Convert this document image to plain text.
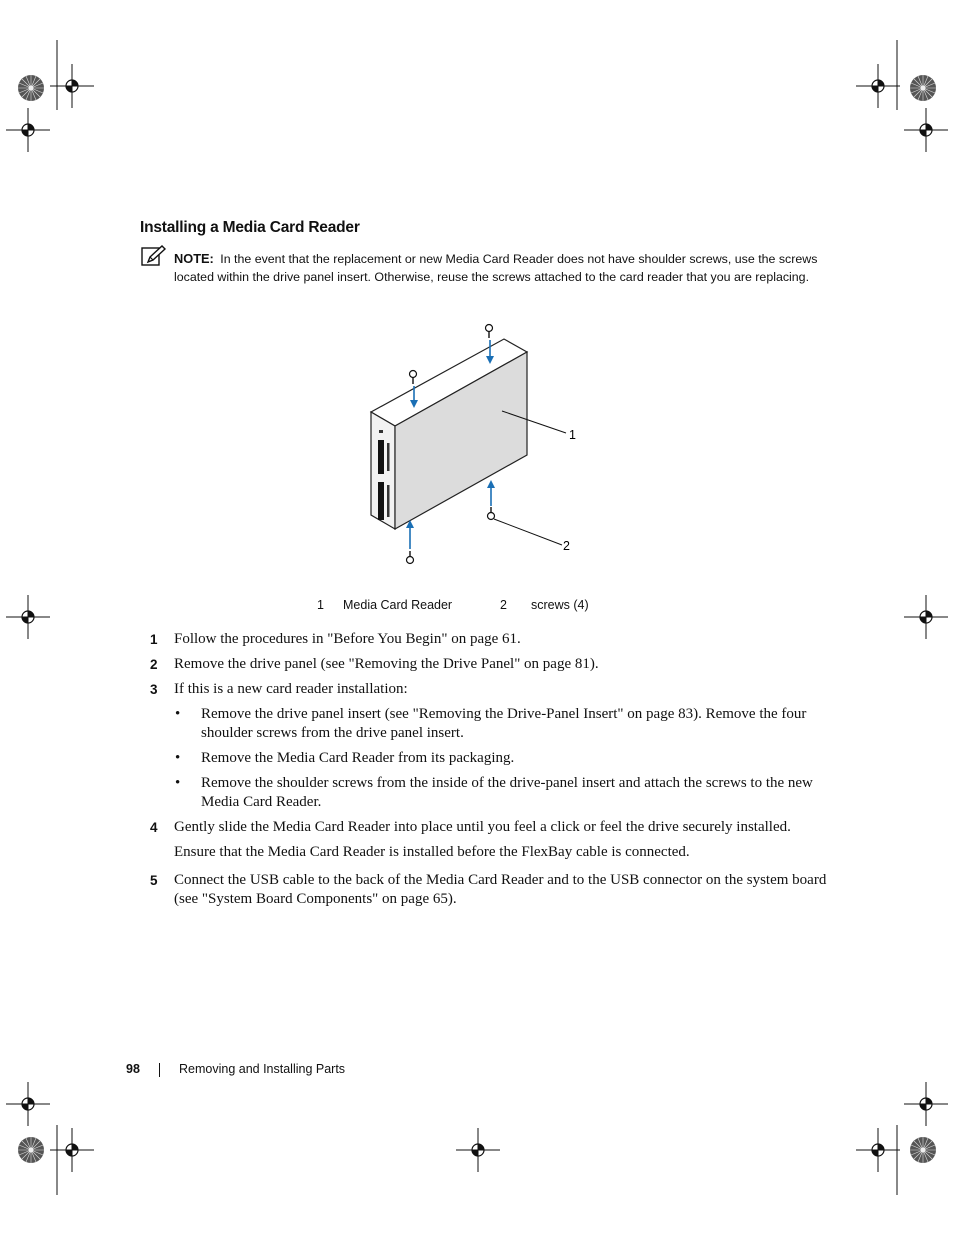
Installing a Media Card Reader
NOTE: In the event that the replacement or new Media Card Reader does not have shoulder screws, use the screws located within the drive panel insert. Otherwise, reuse the screws attached to the card reader that you are replacing.
1
2
1 Media Card Reader	2 screws (4)
1 Follow the procedures in "Before You Begin" on page 61.
2 Remove the drive panel (see "Removing the Drive Panel" on page 81).
3 If this is a new card reader installation:
• Remove the drive panel insert (see "Removing the Drive-Panel Insert" on page 83). Remove the four shoulder screws from the drive panel insert.
• Remove the Media Card Reader from its packaging.
• Remove the shoulder screws from the inside of the drive-panel insert and attach the screws to the new Media Card Reader.
4 Gently slide the Media Card Reader into place until you feel a click or feel the drive securely installed.
Ensure that the Media Card Reader is installed before the FlexBay cable is connected.
5 Connect the USB cable to the back of the Media Card Reader and to the USB connector on the system board (see "System Board Components" on page 65).
98	Removing and Installing Parts
